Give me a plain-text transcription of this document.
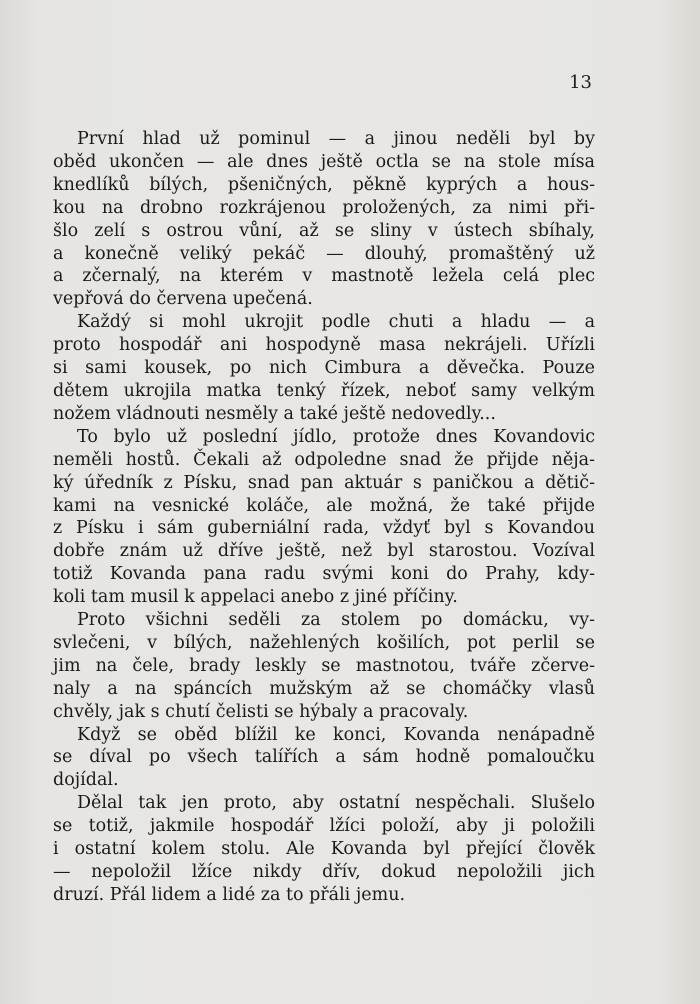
13

První hlad už pominul — a jinou neděli byl by
oběd ukončen — ale dnes ještě octla se na stole mísa
knedlíků bílých, pšeničných, pěkně kyprých a hous-
kou na drobno rozkrájenou proložených, za nimi při-
šlo zelí s ostrou vůní, až se sliny v ústech sbíhaly,
a konečně veliký pekáč — dlouhý, promaštěný už
a zčernalý, na kterém v mastnotě ležela celá plec
vepřová do červena upečená.

Každý si mohl ukrojit podle chuti a hladu — a
proto hospodář ani hospodyně masa nekrájeli. Uřízli
si sami kousek, po nich Cimbura a děvečka. Pouze
dětem ukrojila matka tenký řízek, neboť samy velkým
nožem vládnouti nesměly a také ještě nedovedly...

To bylo už poslední jídlo, protože dnes Kovandovic
neměli hostů. Čekali až odpoledne snad že přijde něja-
ký úředník z Písku, snad pan aktuár s paničkou a dětič-
kami na vesnické koláče, ale možná, že také přijde
z Písku i sám guberniální rada, vždyť byl s Kovandou
dobře znám už dříve ještě, než byl starostou. Vozíval
totiž Kovanda pana radu svými koni do Prahy, kdy-
koli tam musil k appelaci anebo z jiné příčiny.

Proto všichni seděli za stolem po domácku, vy-
svlečeni, v bílých, nažehlených košilích, pot perlil se
jim na čele, brady leskly se mastnotou, tváře zčerve-
naly a na spáncích mužským až se chomáčky vlasů
chvěly, jak s chutí čelisti se hýbaly a pracovaly.

Když se oběd blížil ke konci, Kovanda nenápadně
se díval po všech talířích a sám hodně pomaloučku
dojídal.

Dělal tak jen proto, aby ostatní nespěchali. Slušelo
se totiž, jakmile hospodář lžíci položí, aby ji položili
i ostatní kolem stolu. Ale Kovanda byl přející člověk
— nepoložil lžíce nikdy dřív, dokud nepoložili jich
druzí. Přál lidem a lidé za to přáli jemu.
